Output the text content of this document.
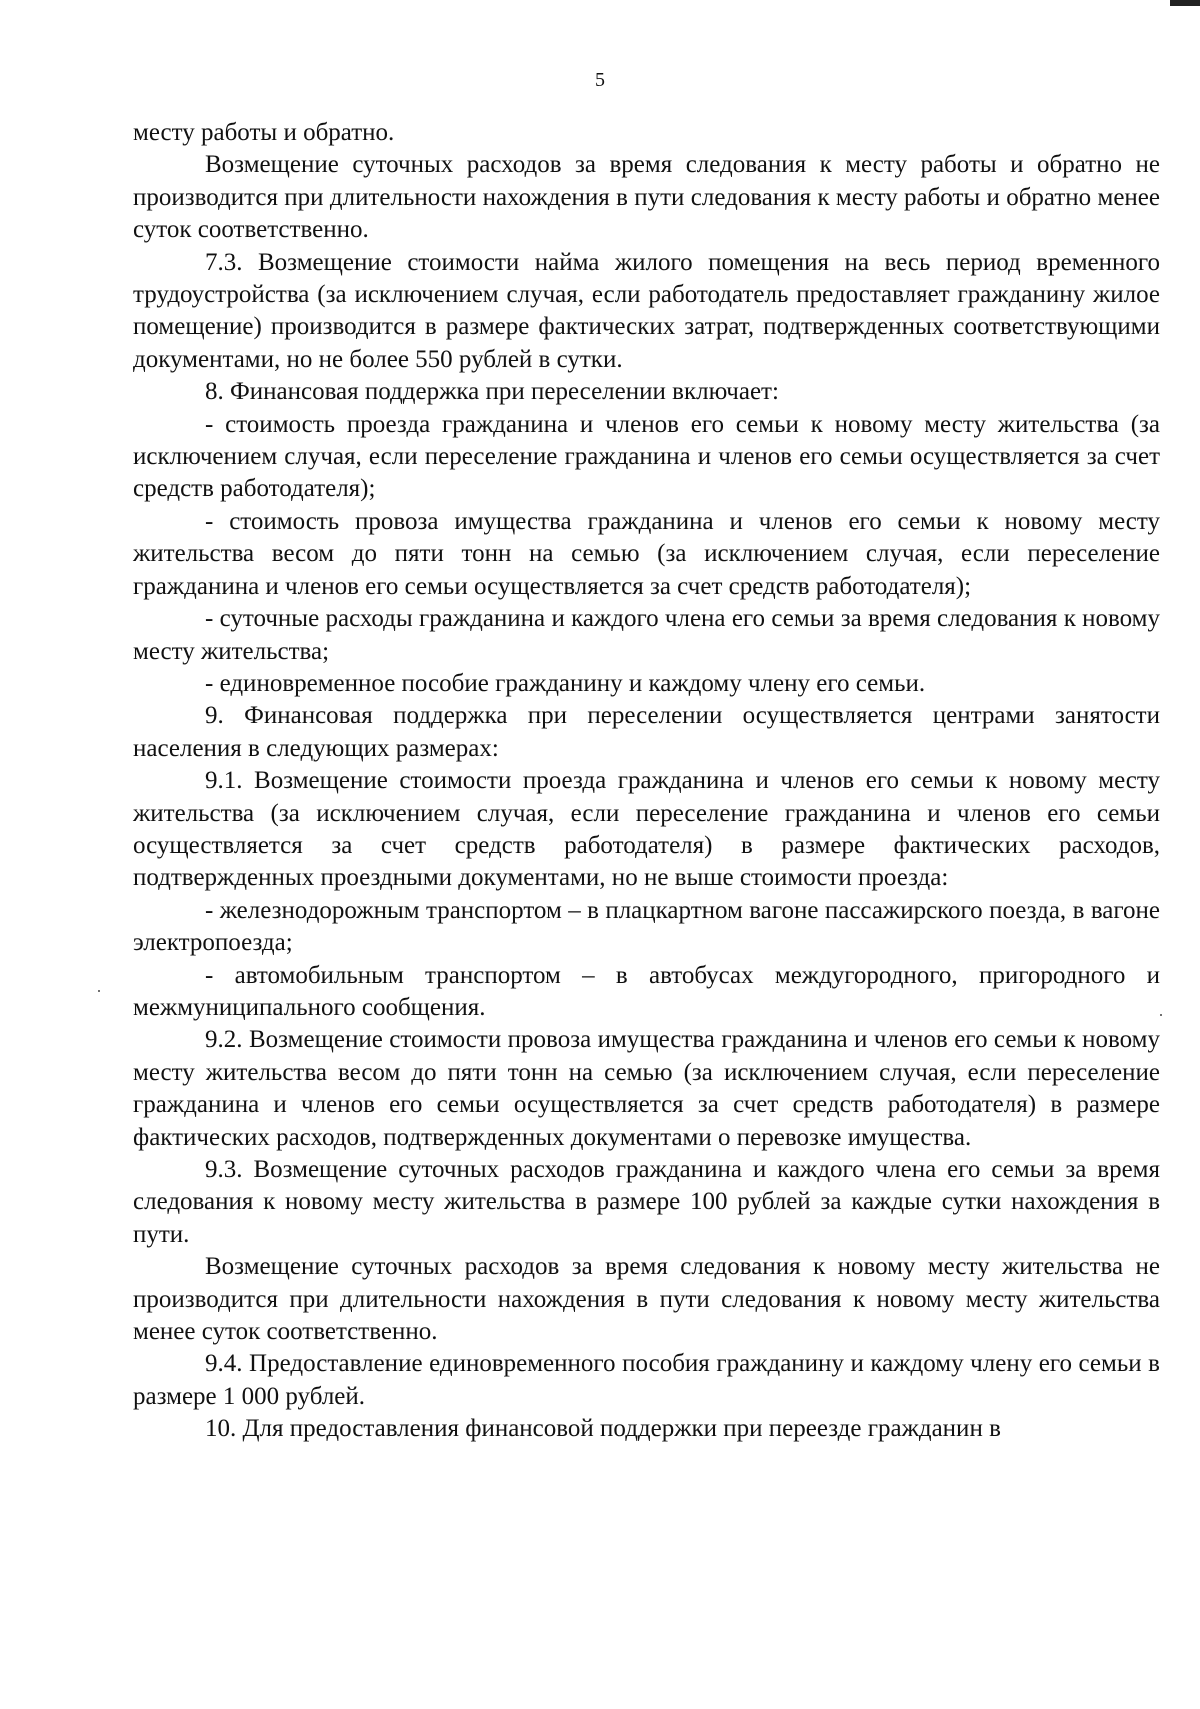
5

месту работы и обратно.

Возмещение суточных расходов за время следования к месту работы и обратно не производится при длительности нахождения в пути следования к месту работы и обратно менее суток соответственно.

7.3. Возмещение стоимости найма жилого помещения на весь период временного трудоустройства (за исключением случая, если работодатель предоставляет гражданину жилое помещение) производится в размере фактических затрат, подтвержденных соответствующими документами, но не более 550 рублей в сутки.

8. Финансовая поддержка при переселении включает:

- стоимость проезда гражданина и членов его семьи к новому месту жительства (за исключением случая, если переселение гражданина и членов его семьи осуществляется за счет средств работодателя);

- стоимость провоза имущества гражданина и членов его семьи к новому месту жительства весом до пяти тонн на семью (за исключением случая, если переселение гражданина и членов его семьи осуществляется за счет средств работодателя);

- суточные расходы гражданина и каждого члена его семьи за время следования к новому месту жительства;

- единовременное пособие гражданину и каждому члену его семьи.

9. Финансовая поддержка при переселении осуществляется центрами занятости населения в следующих размерах:

9.1. Возмещение стоимости проезда гражданина и членов его семьи к новому месту жительства (за исключением случая, если переселение гражданина и членов его семьи осуществляется за счет средств работодателя) в размере фактических расходов, подтвержденных проездными документами, но не выше стоимости проезда:

- железнодорожным транспортом – в плацкартном вагоне пассажирского поезда, в вагоне электропоезда;

- автомобильным транспортом – в автобусах междугородного, пригородного и межмуниципального сообщения.

9.2. Возмещение стоимости провоза имущества гражданина и членов его семьи к новому месту жительства весом до пяти тонн на семью (за исключением случая, если переселение гражданина и членов его семьи осуществляется за счет средств работодателя) в размере фактических расходов, подтвержденных документами о перевозке имущества.

9.3. Возмещение суточных расходов гражданина и каждого члена его семьи за время следования к новому месту жительства в размере 100 рублей за каждые сутки нахождения в пути.

Возмещение суточных расходов за время следования к новому месту жительства не производится при длительности нахождения в пути следования к новому месту жительства менее суток соответственно.

9.4. Предоставление единовременного пособия гражданину и каждому члену его семьи в размере 1 000 рублей.

10. Для предоставления финансовой поддержки при переезде гражданин в
